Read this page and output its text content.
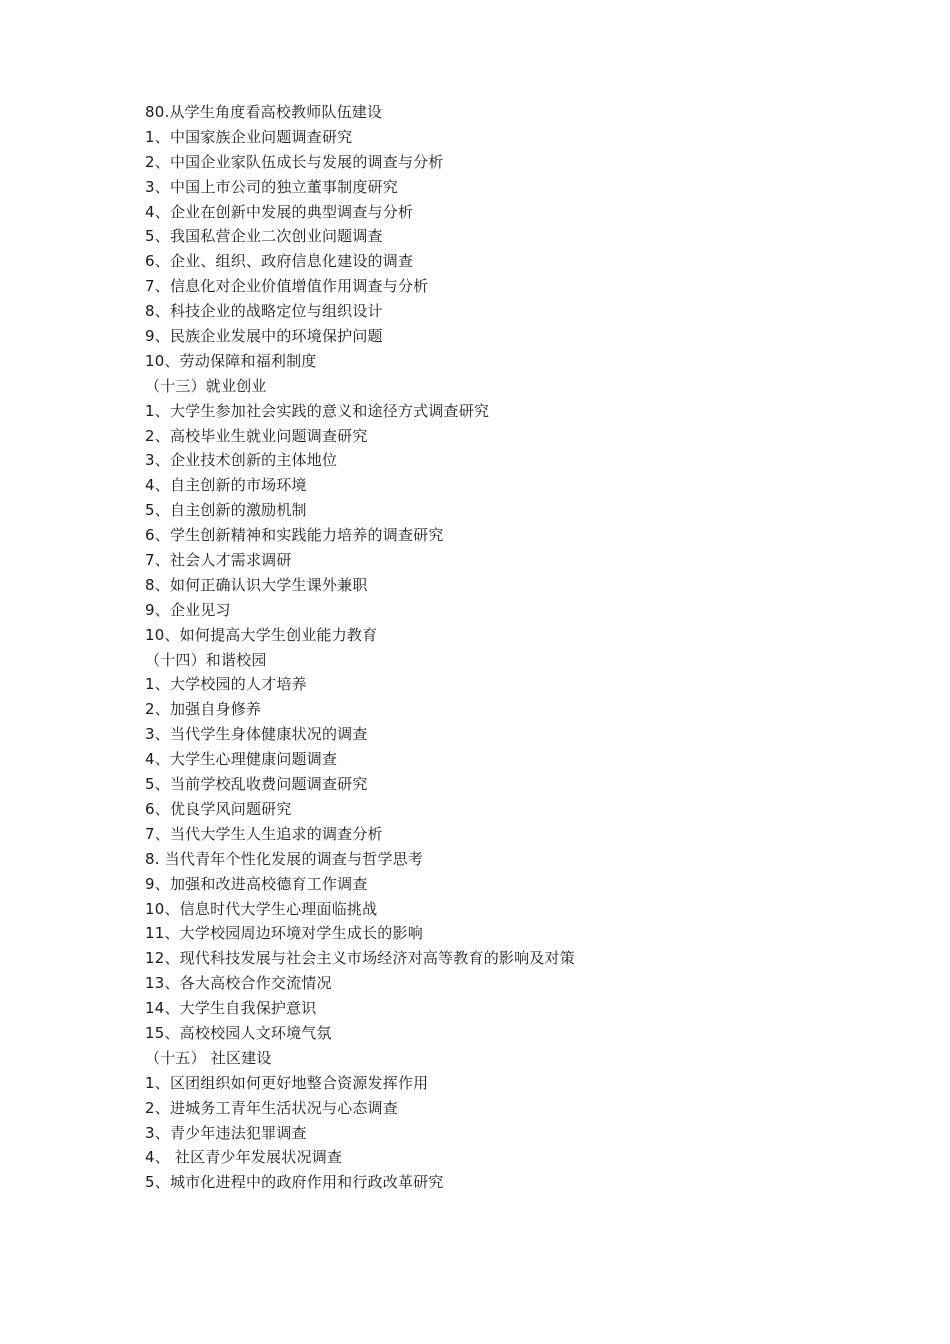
80.从学生角度看高校教师队伍建设
1、中国家族企业问题调查研究
2、中国企业家队伍成长与发展的调查与分析
3、中国上市公司的独立董事制度研究
4、企业在创新中发展的典型调查与分析
5、我国私营企业二次创业问题调查
6、企业、组织、政府信息化建设的调查
7、信息化对企业价值增值作用调查与分析
8、科技企业的战略定位与组织设计
9、民族企业发展中的环境保护问题
10、劳动保障和福利制度
（十三）就业创业
1、大学生参加社会实践的意义和途径方式调查研究
2、高校毕业生就业问题调查研究
3、企业技术创新的主体地位
4、自主创新的市场环境
5、自主创新的激励机制
6、学生创新精神和实践能力培养的调查研究
7、社会人才需求调研
8、如何正确认识大学生课外兼职
9、企业见习
10、如何提高大学生创业能力教育
（十四）和谐校园
1、大学校园的人才培养
2、加强自身修养
3、当代学生身体健康状况的调查
4、大学生心理健康问题调查
5、当前学校乱收费问题调查研究
6、优良学风问题研究
7、当代大学生人生追求的调查分析
8. 当代青年个性化发展的调查与哲学思考
9、加强和改进高校德育工作调查
10、信息时代大学生心理面临挑战
11、大学校园周边环境对学生成长的影响
12、现代科技发展与社会主义市场经济对高等教育的影响及对策
13、各大高校合作交流情况
14、大学生自我保护意识
15、高校校园人文环境气氛
（十五） 社区建设
1、区团组织如何更好地整合资源发挥作用
2、进城务工青年生活状况与心态调查
3、青少年违法犯罪调查
4、 社区青少年发展状况调查
5、城市化进程中的政府作用和行政改革研究
